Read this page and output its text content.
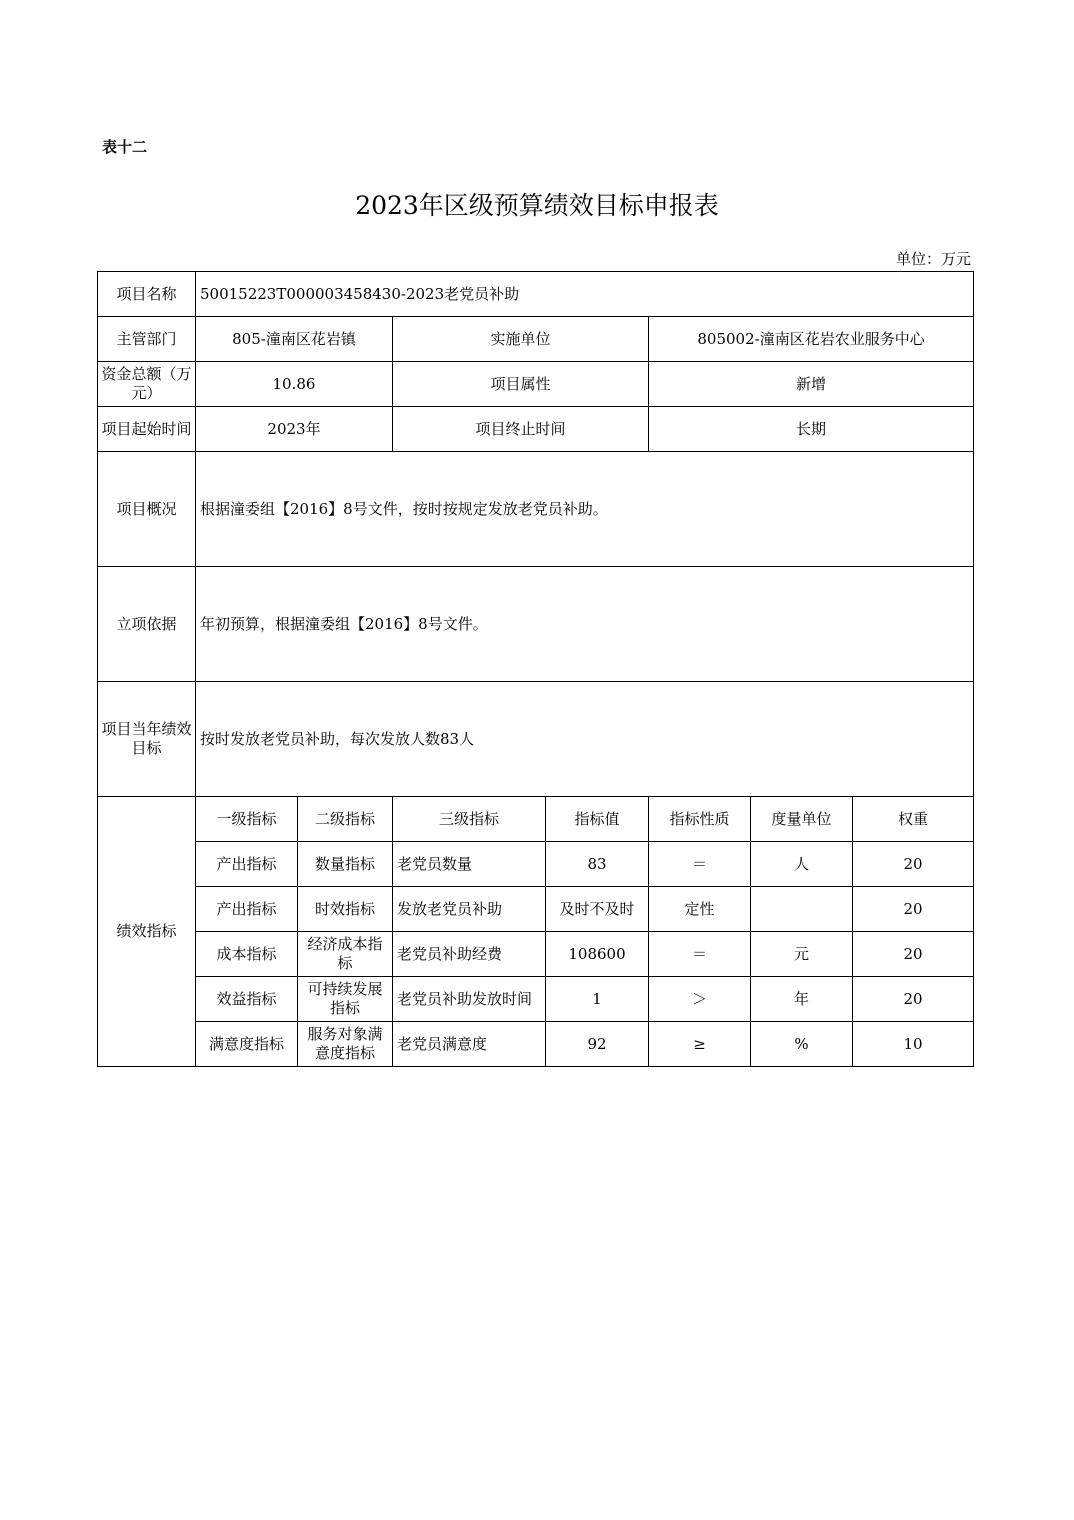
表十二
2023年区级预算绩效目标申报表
单位：万元
项目名称	50015223T000003458430-2023老党员补助						
主管部门	805-潼南区花岩镇		实施单位		805002-潼南区花岩农业服务中心		
资金总额（万元）	10.86		项目属性		新增		
项目起始时间	2023年		项目终止时间		长期		
项目概况	根据潼委组【2016】8号文件，按时按规定发放老党员补助。						
立项依据	年初预算，根据潼委组【2016】8号文件。						
项目当年绩效目标	按时发放老党员补助，每次发放人数83人						
绩效指标	一级指标	二级指标	三级指标	指标值	指标性质	度量单位	权重
	产出指标	数量指标	老党员数量	83	＝	人	20
	产出指标	时效指标	发放老党员补助	及时不及时	定性		20
	成本指标	经济成本指标	老党员补助经费	108600	＝	元	20
	效益指标	可持续发展指标	老党员补助发放时间	1	＞	年	20
	满意度指标	服务对象满意度指标	老党员满意度	92	≥	%	10
